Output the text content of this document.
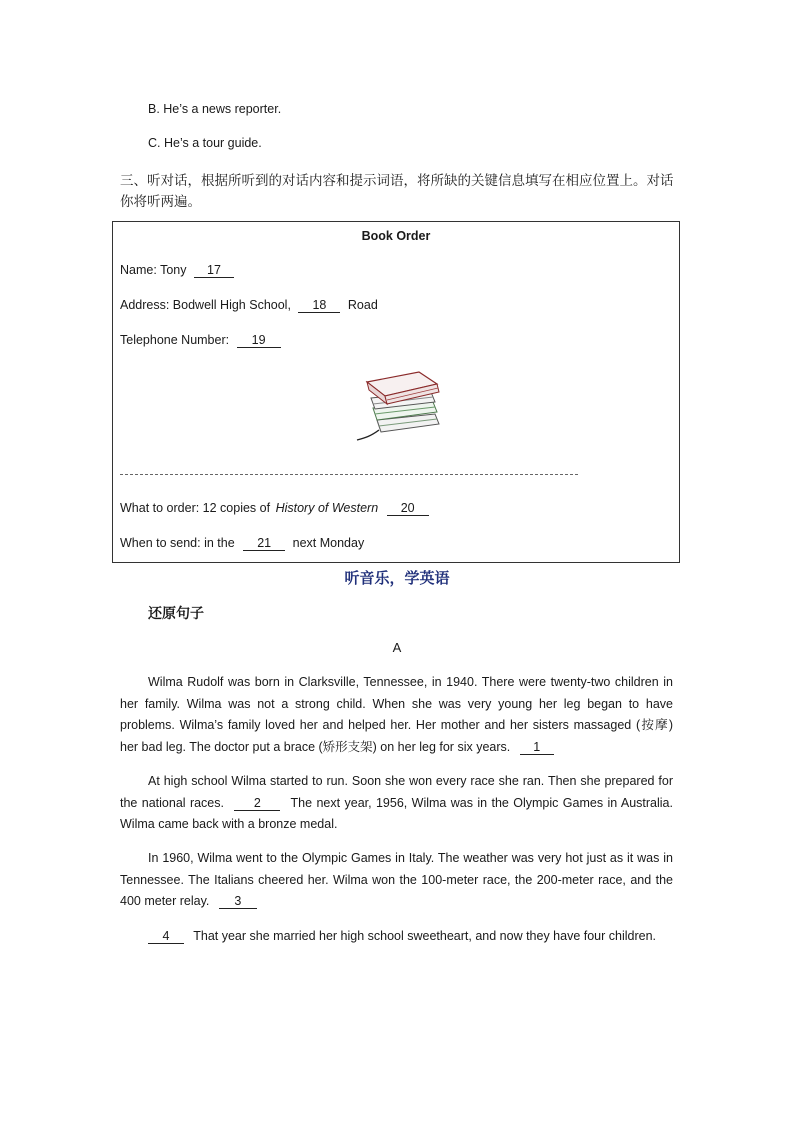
B. He’s a news reporter.
C. He’s a tour guide.
三、听对话，根据所听到的对话内容和提示词语，将所缺的关键信息填写在相应位置上。对话你将听两遍。
Book Order
Name: Tony 17
Address: Bodwell High School, 18 Road
Telephone Number: 19
What to order: 12 copies of History of Western 20
When to send: in the 21 next Monday
听音乐，学英语
还原句子
A
Wilma Rudolf was born in Clarksville, Tennessee, in 1940. There were twenty-two children in her family. Wilma was not a strong child. When she was very young her leg began to have problems. Wilma’s family loved her and helped her. Her mother and her sisters massaged (按摩) her bad leg. The doctor put a brace (矫形支架) on her leg for six years. 1
At high school Wilma started to run. Soon she won every race she ran. Then she prepared for the national races. 2 The next year, 1956, Wilma was in the Olympic Games in Australia. Wilma came back with a bronze medal.
In 1960, Wilma went to the Olympic Games in Italy. The weather was very hot just as it was in Tennessee. The Italians cheered her. Wilma won the 100-meter race, the 200-meter race, and the 400 meter relay. 3
4 That year she married her high school sweetheart, and now they have four children.
